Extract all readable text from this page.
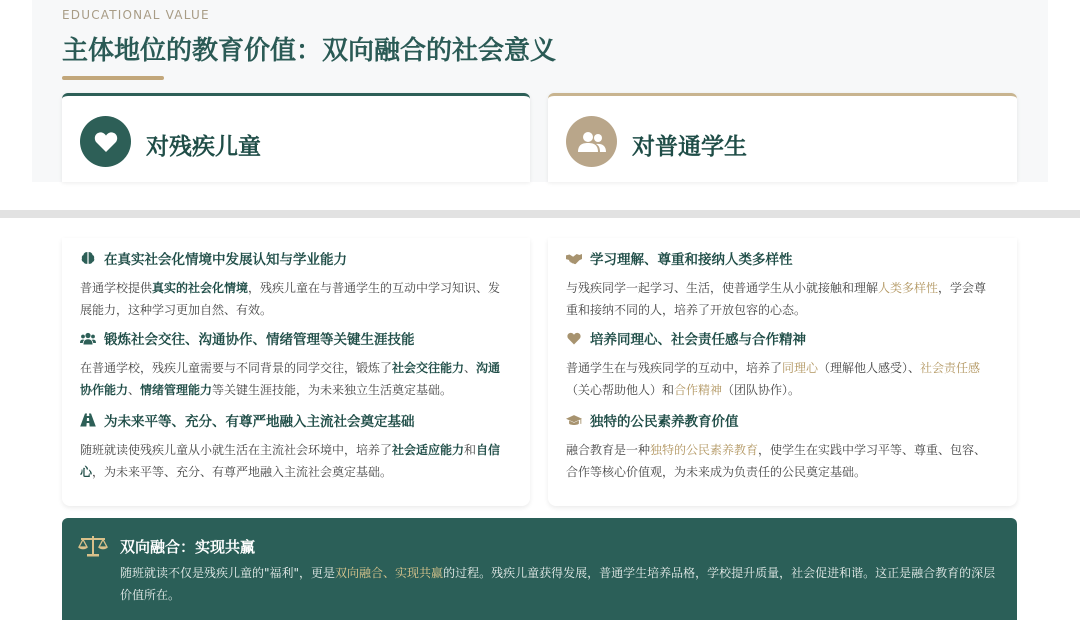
EDUCATIONAL VALUE
主体地位的教育价值：双向融合的社会意义
对残疾儿童	对普通学生
在真实社会化情境中发展认知与学业能力
普通学校提供真实的社会化情境，残疾儿童在与普通学生的互动中学习知识、发展能力，这种学习更加自然、有效。
锻炼社会交往、沟通协作、情绪管理等关键生涯技能
在普通学校，残疾儿童需要与不同背景的同学交往，锻炼了社会交往能力、沟通协作能力、情绪管理能力等关键生涯技能，为未来独立生活奠定基础。
为未来平等、充分、有尊严地融入主流社会奠定基础
随班就读使残疾儿童从小就生活在主流社会环境中，培养了社会适应能力和自信心，为未来平等、充分、有尊严地融入主流社会奠定基础。
学习理解、尊重和接纳人类多样性
与残疾同学一起学习、生活，使普通学生从小就接触和理解人类多样性，学会尊重和接纳不同的人，培养了开放包容的心态。
培养同理心、社会责任感与合作精神
普通学生在与残疾同学的互动中，培养了同理心（理解他人感受）、社会责任感（关心帮助他人）和合作精神（团队协作）。
独特的公民素养教育价值
融合教育是一种独特的公民素养教育，使学生在实践中学习平等、尊重、包容、合作等核心价值观，为未来成为负责任的公民奠定基础。
双向融合：实现共赢
随班就读不仅是残疾儿童的"福利"，更是双向融合、实现共赢的过程。残疾儿童获得发展，普通学生培养品格，学校提升质量，社会促进和谐。这正是融合教育的深层价值所在。
